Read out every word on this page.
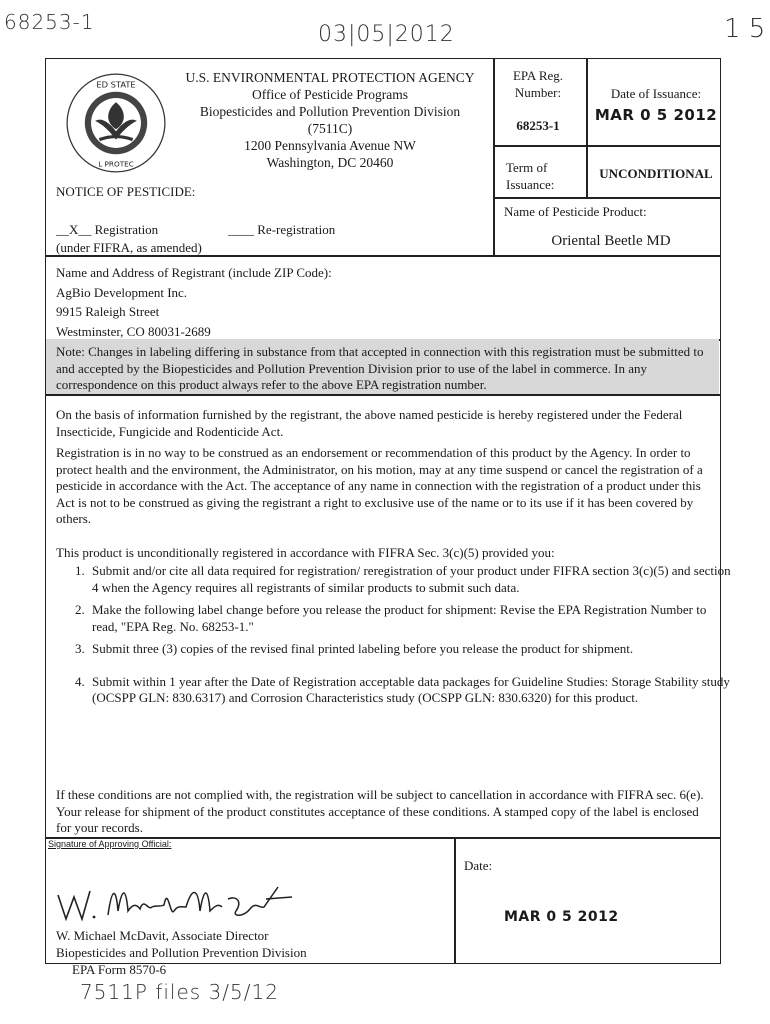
68253-1	03|05|2012	1 5
ED STATE
L PROTEC
U.S. ENVIRONMENTAL PROTECTION AGENCY
Office of Pesticide Programs
Biopesticides and Pollution Prevention Division
(7511C)
1200 Pennsylvania Avenue NW
Washington, DC 20460
EPA Reg. Number:
68253-1
Date of Issuance:
MAR 0 5 2012
Term of Issuance:
UNCONDITIONAL
Name of Pesticide Product:
Oriental Beetle MD
NOTICE OF PESTICIDE:
__X__ Registration	____ Re-registration
(under FIFRA, as amended)
Name and Address of Registrant (include ZIP Code):
AgBio Development Inc.
9915 Raleigh Street
Westminster, CO 80031-2689
Note: Changes in labeling differing in substance from that accepted in connection with this registration must be submitted to and accepted by the Biopesticides and Pollution Prevention Division prior to use of the label in commerce. In any correspondence on this product always refer to the above EPA registration number.
On the basis of information furnished by the registrant, the above named pesticide is hereby registered under the Federal Insecticide, Fungicide and Rodenticide Act.
Registration is in no way to be construed as an endorsement or recommendation of this product by the Agency. In order to protect health and the environment, the Administrator, on his motion, may at any time suspend or cancel the registration of a pesticide in accordance with the Act. The acceptance of any name in connection with the registration of a product under this Act is not to be construed as giving the registrant a right to exclusive use of the name or to its use if it has been covered by others.
This product is unconditionally registered in accordance with FIFRA Sec. 3(c)(5) provided you:
1. Submit and/or cite all data required for registration/ reregistration of your product under FIFRA section 3(c)(5) and section 4 when the Agency requires all registrants of similar products to submit such data.
2. Make the following label change before you release the product for shipment: Revise the EPA Registration Number to read, "EPA Reg. No. 68253-1."
3. Submit three (3) copies of the revised final printed labeling before you release the product for shipment.
4. Submit within 1 year after the Date of Registration acceptable data packages for Guideline Studies: Storage Stability study (OCSPP GLN: 830.6317) and Corrosion Characteristics study (OCSPP GLN: 830.6320) for this product.
If these conditions are not complied with, the registration will be subject to cancellation in accordance with FIFRA sec. 6(e). Your release for shipment of the product constitutes acceptance of these conditions. A stamped copy of the label is enclosed for your records.
Signature of Approving Official:
Date:
MAR 0 5 2012
W. Michael McDavit, Associate Director
Biopesticides and Pollution Prevention Division
EPA Form 8570-6
7511P files 3/5/12
